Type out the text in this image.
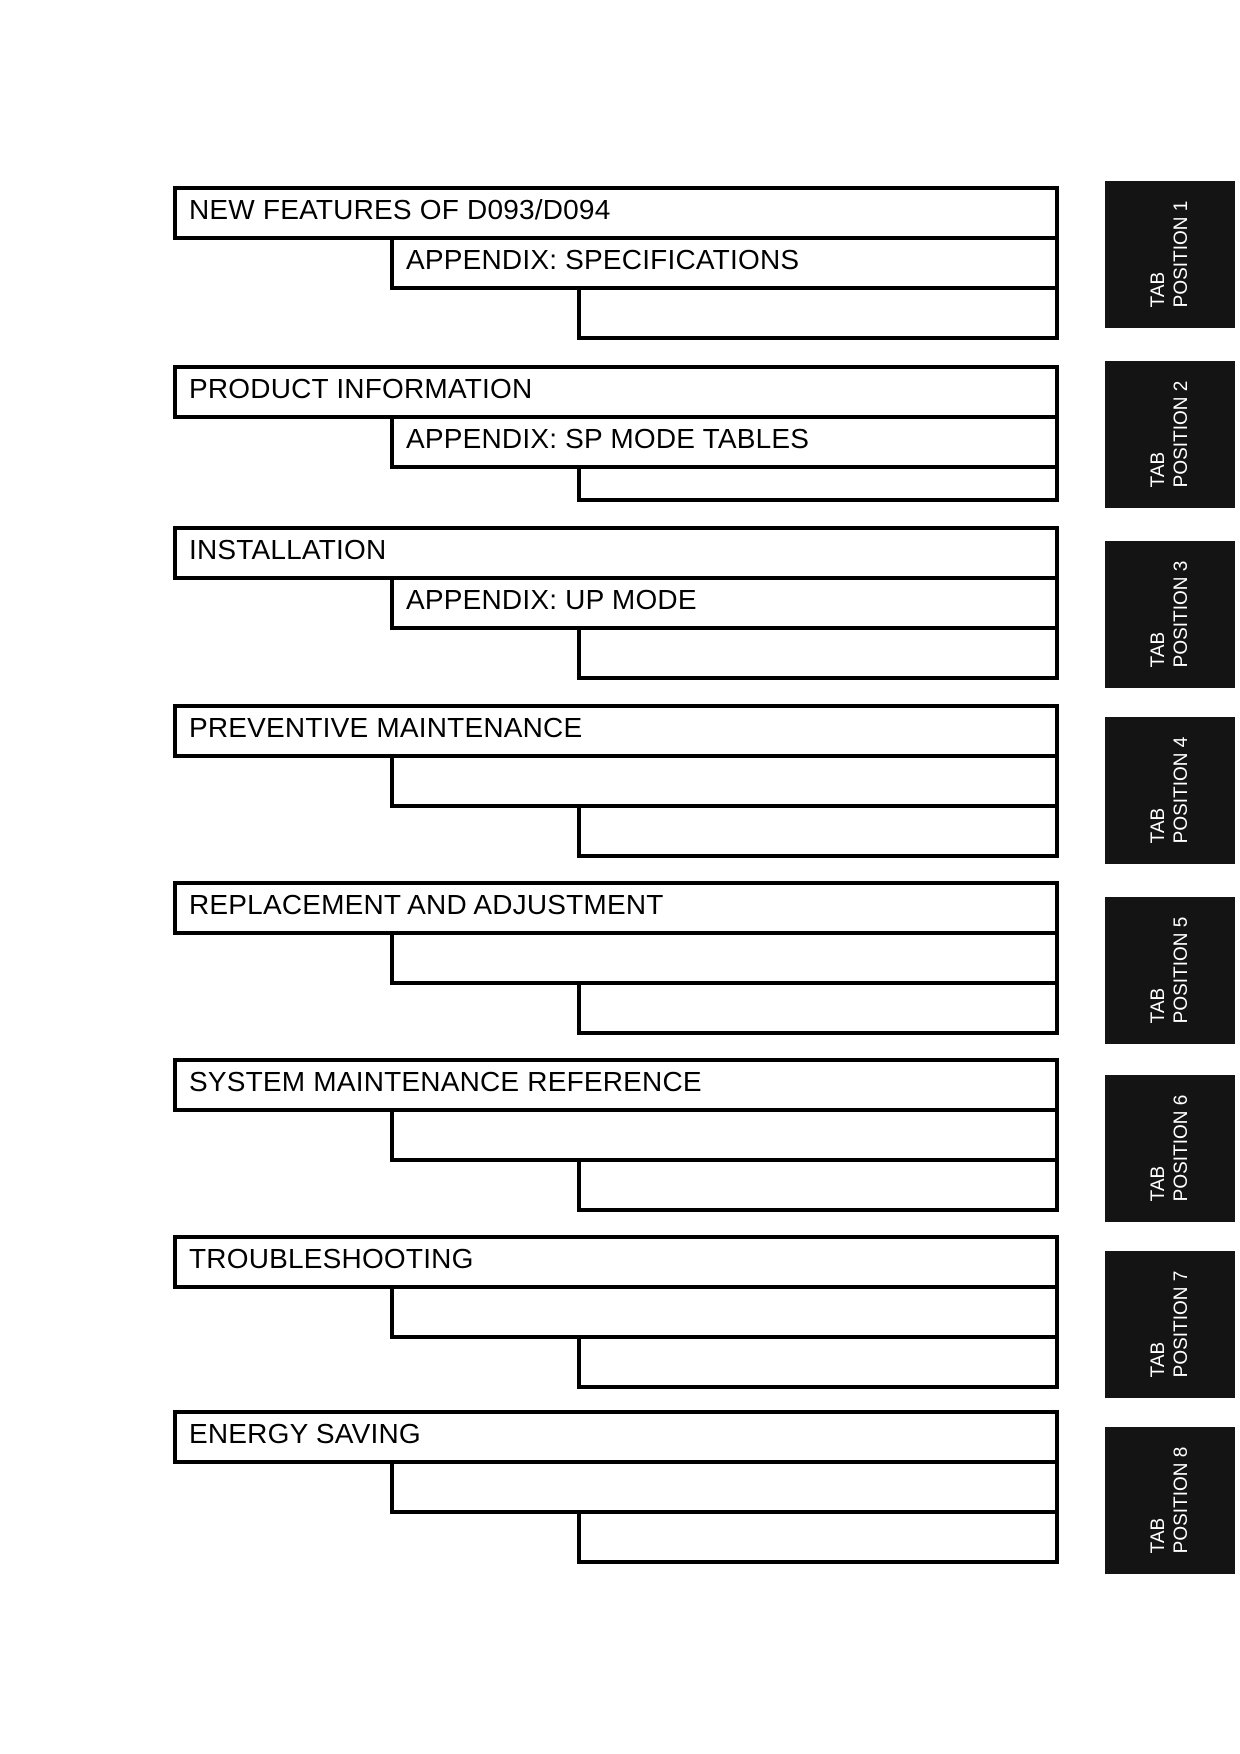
NEW FEATURES OF D093/D094
APPENDIX: SPECIFICATIONS
PRODUCT INFORMATION
APPENDIX: SP MODE TABLES
INSTALLATION
APPENDIX: UP MODE
PREVENTIVE MAINTENANCE
REPLACEMENT AND ADJUSTMENT
SYSTEM MAINTENANCE REFERENCE
TROUBLESHOOTING
ENERGY SAVING
TAB POSITION 1
TAB POSITION 2
TAB POSITION 3
TAB POSITION 4
TAB POSITION 5
TAB POSITION 6
TAB POSITION 7
TAB POSITION 8
